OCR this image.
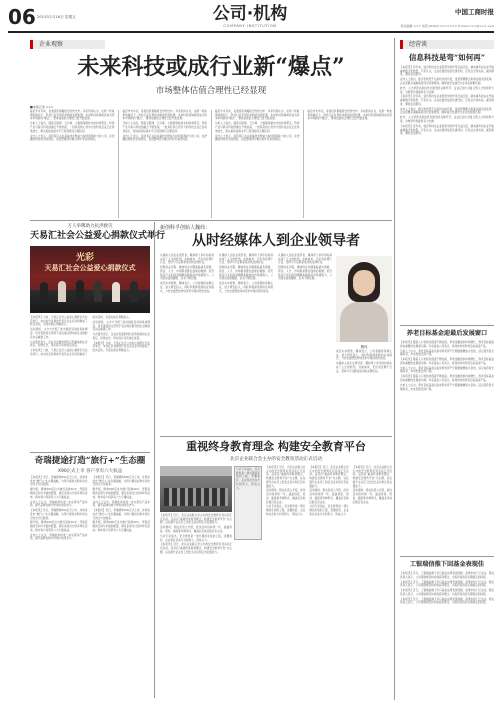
06 2015年1月16日 星期五	公司·机构
COMPANY INSTITUTION
中国工商时报
责任编辑 ××× 电话:(010)×××××××× E-mail:×××@×××.com
企业观察	经营谈
未来科技或成行业新“爆点”
市场整体估值合理性已经显现
■本报记者 ×××

临近岁末年初，各类投资策略报告纷纷出炉。多家机构认为，在新一轮政策的推动下，科技行业有望迎来新的发展机遇，未来科技领域或将成为资本市场新的“爆点”，整体估值的合理性已经开始显现。

分析人士指出，随着互联网、云计算、大数据等新技术的快速普及，传统产业与新兴科技的融合不断加深，一批具有核心竞争力的科技企业正在快速成长，相关板块估值水平已回到相对合理区间。

业内人士表示，投资者应关注具备技术壁垒与持续盈利能力的公司，在把握结构性机会的同时，也需警惕部分概念炒作带来的风险。

临近岁末年初，各类投资策略报告纷纷出炉。多家机构认为，在新一轮政策的推动下，科技行业有望迎来新的发展机遇，未来科技领域或将成为资本市场新的“爆点”，整体估值的合理性已经开始显现。

分析人士指出，随着互联网、云计算、大数据等新技术的快速普及，传统产业与新兴科技的融合不断加深，一批具有核心竞争力的科技企业正在快速成长，相关板块估值水平已回到相对合理区间。

业内人士表示，投资者应关注具备技术壁垒与持续盈利能力的公司，在把握结构性机会的同时，也需警惕部分概念炒作带来的风险。

临近岁末年初，各类投资策略报告纷纷出炉。多家机构认为，在新一轮政策的推动下，科技行业有望迎来新的发展机遇，未来科技领域或将成为资本市场新的“爆点”，整体估值的合理性已经开始显现。

分析人士指出，随着互联网、云计算、大数据等新技术的快速普及，传统产业与新兴科技的融合不断加深，一批具有核心竞争力的科技企业正在快速成长，相关板块估值水平已回到相对合理区间。

业内人士表示，投资者应关注具备技术壁垒与持续盈利能力的公司，在把握结构性机会的同时，也需警惕部分概念炒作带来的风险。

临近岁末年初，各类投资策略报告纷纷出炉。多家机构认为，在新一轮政策的推动下，科技行业有望迎来新的发展机遇，未来科技领域或将成为资本市场新的“爆点”，整体估值的合理性已经开始显现。

万人举牌助力抗洪救灾
天易汇社会公益爱心捐款仪式举行
光彩
天易汇社会公益爱心捐款仪式

【本报讯】日前，天易汇社会公益爱心捐款仪式在京举行，来自社会各界的代表及企业家共同参加了此次活动，为受灾地区奉献爱心。

活动现场，主办方介绍了此次捐款活动的具体情况，所有善款将全部用于受灾地区群众的生活救助及灾后重建工作。

与会嘉宾表示，企业在发展的同时应积极承担社会责任，回馈社会，用实际行动传递正能量。

【本报讯】日前，天易汇社会公益爱心捐款仪式在京举行，来自社会各界的代表及企业家共同参加了此次活动，为受灾地区奉献爱心。

活动现场，主办方介绍了此次捐款活动的具体情况，所有善款将全部用于受灾地区群众的生活救助及灾后重建工作。

与会嘉宾表示，企业在发展的同时应积极承担社会责任，回馈社会，用实际行动传递正能量。

【本报讯】日前，天易汇社会公益爱心捐款仪式在京举行，来自社会各界的代表及企业家共同参加了此次活动，为受灾地区奉献爱心。

奇瑞捷途打造“旅行+”生态圈
X90正式上市 客户享有六大权益

【本报讯】近日，奇瑞捷途X90正式上市，并同步发布“旅行+”生态圈战略，为用户提供从购车到出行的全方位服务。

据介绍，捷途X90定位为旅行家族SUV，凭借宽敞的空间与丰富的配置，满足家庭出行的多样化需求。购车客户将享有六大专属权益。

业内人士认为，奇瑞此举将进一步完善其产品布局，提升品牌在细分市场中的竞争力。

【本报讯】近日，奇瑞捷途X90正式上市，并同步发布“旅行+”生态圈战略，为用户提供从购车到出行的全方位服务。

据介绍，捷途X90定位为旅行家族SUV，凭借宽敞的空间与丰富的配置，满足家庭出行的多样化需求。购车客户将享有六大专属权益。

业内人士认为，奇瑞此举将进一步完善其产品布局，提升品牌在细分市场中的竞争力。

【本报讯】近日，奇瑞捷途X90正式上市，并同步发布“旅行+”生态圈战略，为用户提供从购车到出行的全方位服务。

据介绍，捷途X90定位为旅行家族SUV，凭借宽敞的空间与丰富的配置，满足家庭出行的多样化需求。购车客户将享有六大专属权益。

业内人士认为，奇瑞此举将进一步完善其产品布局，提升品牌在细分市场中的竞争力。

【本报讯】近日，奇瑞捷途X90正式上市，并同步发布“旅行+”生态圈战略，为用户提供从购车到出行的全方位服务。

据介绍，捷途X90定位为旅行家族SUV，凭借宽敞的空间与丰富的配置，满足家庭出行的多样化需求。购车客户将享有六大专属权益。

新创科孚创始人魏炜：
从时经媒体人到企业领导者

从媒体人到企业领导者，魏炜用十余年的时间完成了人生的转型。在她看来，无论身处哪个行业，坚持与专注都是成功的关键所在。

回顾创业历程，魏炜坦言初期面临诸多困难，资金、人才、市场都是摆在面前的难题。但凭借对行业的深刻理解和敏锐的市场洞察力，公司逐步站稳脚跟，业务不断拓展。

谈及未来规划，魏炜表示，公司将继续深耕主业，加大研发投入，同时积极探索新的业务模式，力争在激烈的市场竞争中保持领先地位。

从媒体人到企业领导者，魏炜用十余年的时间完成了人生的转型。在她看来，无论身处哪个行业，坚持与专注都是成功的关键所在。

回顾创业历程，魏炜坦言初期面临诸多困难，资金、人才、市场都是摆在面前的难题。但凭借对行业的深刻理解和敏锐的市场洞察力，公司逐步站稳脚跟，业务不断拓展。

谈及未来规划，魏炜表示，公司将继续深耕主业，加大研发投入，同时积极探索新的业务模式，力争在激烈的市场竞争中保持领先地位。

从媒体人到企业领导者，魏炜用十余年的时间完成了人生的转型。在她看来，无论身处哪个行业，坚持与专注都是成功的关键所在。

回顾创业历程，魏炜坦言初期面临诸多困难，资金、人才、市场都是摆在面前的难题。但凭借对行业的深刻理解和敏锐的市场洞察力，公司逐步站稳脚跟，业务不断拓展。

魏炜

谈及未来规划，魏炜表示，公司将继续深耕主业，加大研发投入，同时积极探索新的业务模式，力争在激烈的市场竞争中保持领先地位。

从媒体人到企业领导者，魏炜用十余年的时间完成了人生的转型。在她看来，无论身处哪个行业，坚持与专注都是成功的关键所在。

重视终身教育理念 构建安全教育平台
北京企业联合会主办的安全教育活动正式启动
与会专家指出，安全教育是一项长期而系统的工程，需要政府、企业和社会各方共同努力，形成合力。

【本报讯】近日，北京企业联合会主办的安全教育系列活动正式启动。活动以“重视终身教育理念，构建安全教育平台”为主题，旨在提升企业员工的安全意识和应急处置能力。

活动现场，相关负责人介绍，此次活动将持续一年，涵盖讲座、培训、演练等多种形式，覆盖北京地区数百家企业。

与会专家指出，安全教育是一项长期而系统的工程，需要政府、企业和社会各方共同努力，形成合力。

【本报讯】近日，北京企业联合会主办的安全教育系列活动正式启动。活动以“重视终身教育理念，构建安全教育平台”为主题，旨在提升企业员工的安全意识和应急处置能力。

【本报讯】近日，北京企业联合会主办的安全教育系列活动正式启动。活动以“重视终身教育理念，构建安全教育平台”为主题，旨在提升企业员工的安全意识和应急处置能力。

活动现场，相关负责人介绍，此次活动将持续一年，涵盖讲座、培训、演练等多种形式，覆盖北京地区数百家企业。

与会专家指出，安全教育是一项长期而系统的工程，需要政府、企业和社会各方共同努力，形成合力。

【本报讯】近日，北京企业联合会主办的安全教育系列活动正式启动。活动以“重视终身教育理念，构建安全教育平台”为主题，旨在提升企业员工的安全意识和应急处置能力。

活动现场，相关负责人介绍，此次活动将持续一年，涵盖讲座、培训、演练等多种形式，覆盖北京地区数百家企业。

与会专家指出，安全教育是一项长期而系统的工程，需要政府、企业和社会各方共同努力，形成合力。

【本报讯】近日，北京企业联合会主办的安全教育系列活动正式启动。活动以“重视终身教育理念，构建安全教育平台”为主题，旨在提升企业员工的安全意识和应急处置能力。

活动现场，相关负责人介绍，此次活动将持续一年，涵盖讲座、培训、演练等多种形式，覆盖北京地区数百家企业。

信息科技是弯“如何再”

【本报讯】近年来，信息科技在企业经营中的作用日益凸显，越来越多的企业开始重视数字化转型。专家认为，企业在推进信息化建设时，应结合自身实际，循序渐进，避免盲目跟风。

业内人士指出，数字化转型不仅是技术的升级，更是管理理念和商业模式的变革。企业需要从战略高度进行统筹规划，确保信息化建设与业务发展相匹配。

此外，人才培养也是信息化建设的关键环节，企业应加大对复合型人才的培养力度，为转型升级提供有力支撑。

【本报讯】近年来，信息科技在企业经营中的作用日益凸显，越来越多的企业开始重视数字化转型。专家认为，企业在推进信息化建设时，应结合自身实际，循序渐进，避免盲目跟风。

业内人士指出，数字化转型不仅是技术的升级，更是管理理念和商业模式的变革。企业需要从战略高度进行统筹规划，确保信息化建设与业务发展相匹配。

此外，人才培养也是信息化建设的关键环节，企业应加大对复合型人才的培养力度，为转型升级提供有力支撑。

【本报讯】近年来，信息科技在企业经营中的作用日益凸显，越来越多的企业开始重视数字化转型。专家认为，企业在推进信息化建设时，应结合自身实际，循序渐进，避免盲目跟风。

养老目标基金迎最后发展窗口

【本报讯】随着人口老龄化程度不断加深，养老金融需求持续增长，养老目标基金迎来重要的发展窗口期。多家基金公司表示，将加快布局养老目标基金产品。

分析人士认为，养老目标基金以追求养老资产长期稳健增值为目的，适合投资者长期持有，未来发展空间广阔。

【本报讯】随着人口老龄化程度不断加深，养老金融需求持续增长，养老目标基金迎来重要的发展窗口期。多家基金公司表示，将加快布局养老目标基金产品。

分析人士认为，养老目标基金以追求养老资产长期稳健增值为目的，适合投资者长期持有，未来发展空间广阔。

【本报讯】随着人口老龄化程度不断加深，养老金融需求持续增长，养老目标基金迎来重要的发展窗口期。多家基金公司表示，将加快布局养老目标基金产品。

分析人士认为，养老目标基金以追求养老资产长期稳健增值为目的，适合投资者长期持有，未来发展空间广阔。

工银瑞信推下回基金表现佳

【本报讯】近日，工银瑞信旗下多只基金业绩表现亮眼，获得市场广泛关注。相关负责人表示，公司将继续坚持价值投资理念，为投资者创造长期稳定的回报。

【本报讯】近日，工银瑞信旗下多只基金业绩表现亮眼，获得市场广泛关注。相关负责人表示，公司将继续坚持价值投资理念，为投资者创造长期稳定的回报。

【本报讯】近日，工银瑞信旗下多只基金业绩表现亮眼，获得市场广泛关注。相关负责人表示，公司将继续坚持价值投资理念，为投资者创造长期稳定的回报。

【本报讯】近日，工银瑞信旗下多只基金业绩表现亮眼，获得市场广泛关注。相关负责人表示，公司将继续坚持价值投资理念，为投资者创造长期稳定的回报。
